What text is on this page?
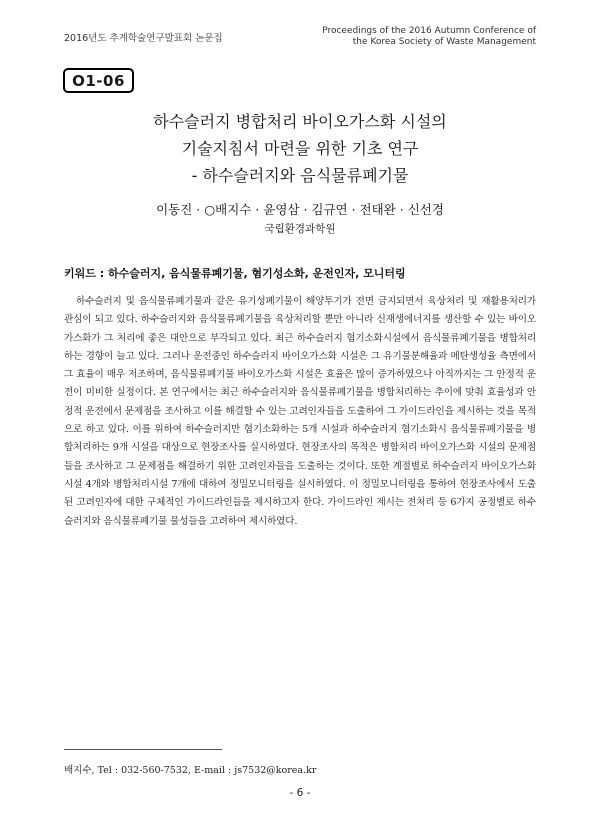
2016년도 추계학술연구발표회 논문집
Proceedings of the 2016 Autumn Conference of
the Korea Society of Waste Management
O1-06
하수슬러지 병합처리 바이오가스화 시설의
기술지침서 마련을 위한 기초 연구
- 하수슬러지와 음식물류폐기물
이동진 · ○배지수 · 윤영삼 · 김규연 · 전태완 · 신선경
국립환경과학원
키워드 : 하수슬러지, 음식물류폐기물, 혐기성소화, 운전인자, 모니터링

하수슬러지 및 음식물류폐기물과 같은 유기성폐기물이 해양투기가 전면 금지되면서 육상처리 및 재활용처리가 관심이 되고 있다. 하수슬러지와 음식물류폐기물을 육상처리할 뿐만 아니라 신재생에너지를 생산할 수 있는 바이오가스화가 그 처리에 좋은 대안으로 부각되고 있다. 최근 하수슬러지 혐기소화시설에서 음식물류폐기물을 병합처리 하는 경향이 늘고 있다. 그러나 운전중인 하수슬러지 바이오가스화 시설은 그 유기물분해율과 메탄생성율 측면에서 그 효율이 매우 저조하며, 음식물류폐기물 바이오가스화 시설은 효율은 많이 증가하였으나 아직까지는 그 안정적 운전이 미비한 실정이다. 본 연구에서는 최근 하수슬러지와 음식물류폐기물을 병합처리하는 추이에 맞춰 효율성과 안정적 운전에서 문제점을 조사하고 이를 해결할 수 있는 고려인자들을 도출하여 그 가이드라인을 제시하는 것을 목적으로 하고 있다. 이를 위하여 하수슬러지만 혐기소화하는 5개 시설과 하수슬러지 혐기소화시 음식물류폐기물을 병합처리하는 9개 시설을 대상으로 현장조사를 실시하였다. 현장조사의 목적은 병합처리 바이오가스화 시설의 문제점들을 조사하고 그 문제점을 해결하기 위한 고려인자들을 도출하는 것이다. 또한 계절별로 하수슬러지 바이오가스화 시설 4개와 병합처리시설 7개에 대하여 정밀모니터링을 실시하였다. 이 정밀모니터링을 통하여 현장조사에서 도출된 고려인자에 대한 구체적인 가이드라인들을 제시하고자 한다. 가이드라인 제시는 전처리 등 6가지 공정별로 하수슬러지와 음식물류폐기물 물성들을 고려하여 제시하였다.

배지수, Tel : 032-560-7532, E-mail : js7532@korea.kr
- 6 -
